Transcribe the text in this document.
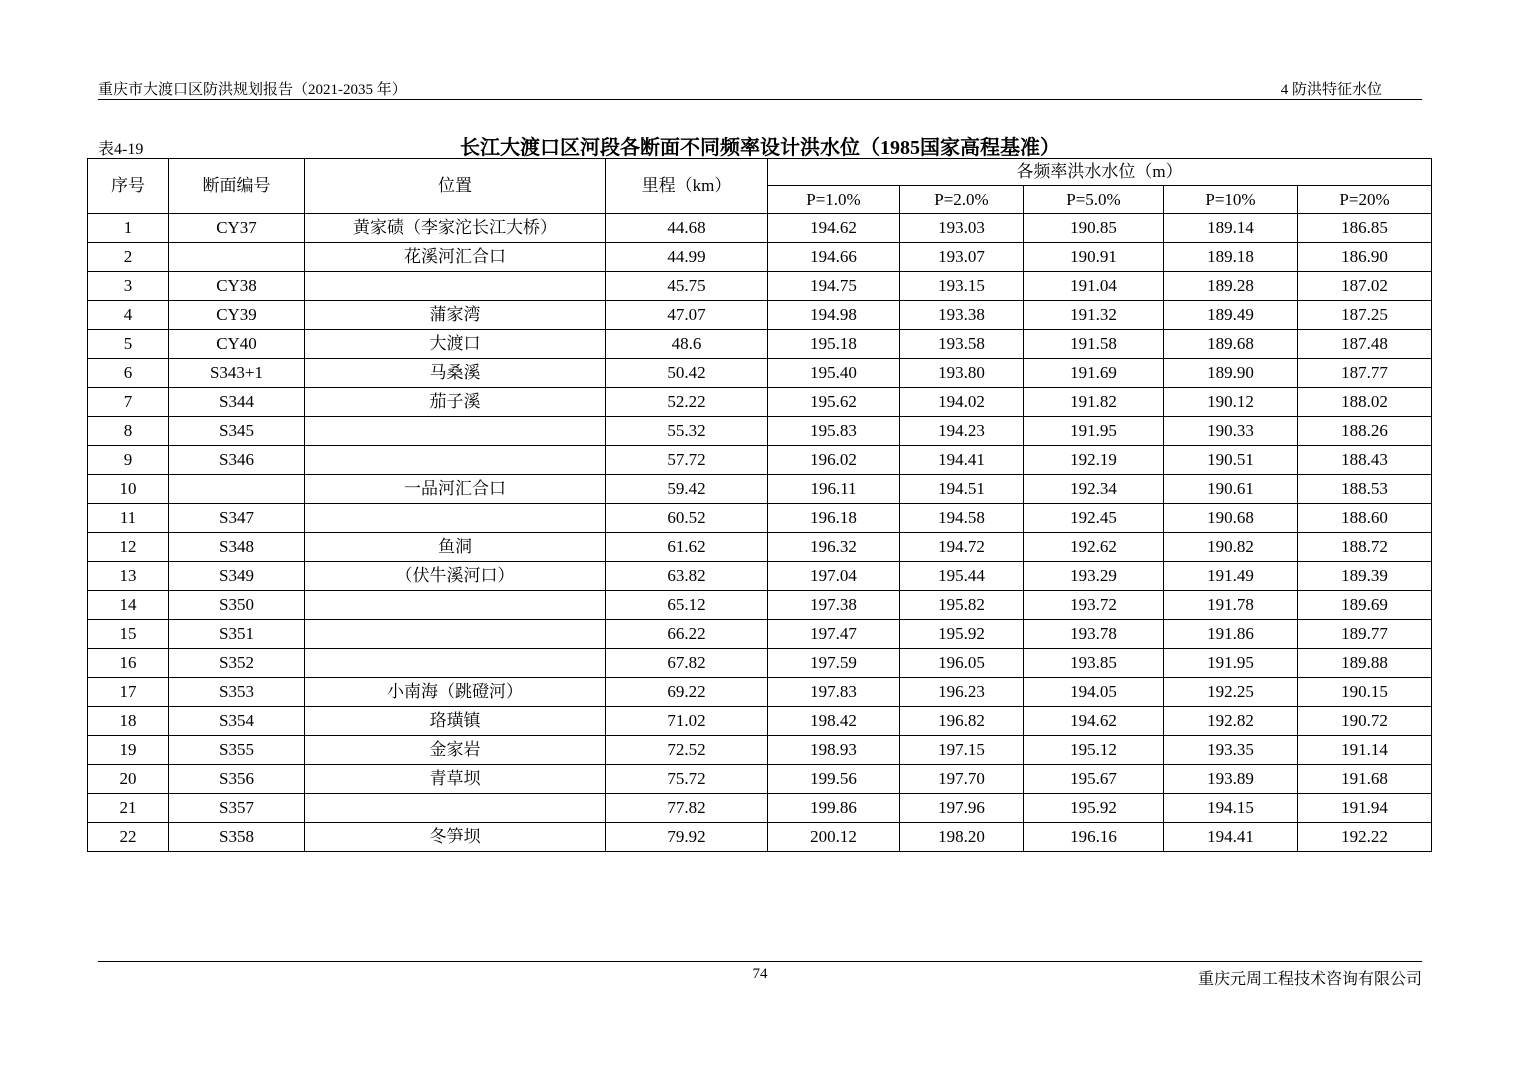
重庆市大渡口区防洪规划报告（2021-2035 年）	4 防洪特征水位
表4-19	长江大渡口区河段各断面不同频率设计洪水位（1985国家高程基准）
序号	断面编号	位置	里程（km）	各频率洪水水位（m）				
				P=1.0%	P=2.0%	P=5.0%	P=10%	P=20%
1	CY37	黄家碛（李家沱长江大桥）	44.68	194.62	193.03	190.85	189.14	186.85
2		花溪河汇合口	44.99	194.66	193.07	190.91	189.18	186.90
3	CY38		45.75	194.75	193.15	191.04	189.28	187.02
4	CY39	蒲家湾	47.07	194.98	193.38	191.32	189.49	187.25
5	CY40	大渡口	48.6	195.18	193.58	191.58	189.68	187.48
6	S343+1	马桑溪	50.42	195.40	193.80	191.69	189.90	187.77
7	S344	茄子溪	52.22	195.62	194.02	191.82	190.12	188.02
8	S345		55.32	195.83	194.23	191.95	190.33	188.26
9	S346		57.72	196.02	194.41	192.19	190.51	188.43
10		一品河汇合口	59.42	196.11	194.51	192.34	190.61	188.53
11	S347		60.52	196.18	194.58	192.45	190.68	188.60
12	S348	鱼洞	61.62	196.32	194.72	192.62	190.82	188.72
13	S349	（伏牛溪河口）	63.82	197.04	195.44	193.29	191.49	189.39
14	S350		65.12	197.38	195.82	193.72	191.78	189.69
15	S351		66.22	197.47	195.92	193.78	191.86	189.77
16	S352		67.82	197.59	196.05	193.85	191.95	189.88
17	S353	小南海（跳磴河）	69.22	197.83	196.23	194.05	192.25	190.15
18	S354	珞璜镇	71.02	198.42	196.82	194.62	192.82	190.72
19	S355	金家岩	72.52	198.93	197.15	195.12	193.35	191.14
20	S356	青草坝	75.72	199.56	197.70	195.67	193.89	191.68
21	S357		77.82	199.86	197.96	195.92	194.15	191.94
22	S358	冬笋坝	79.92	200.12	198.20	196.16	194.41	192.22
74	重庆元周工程技术咨询有限公司
